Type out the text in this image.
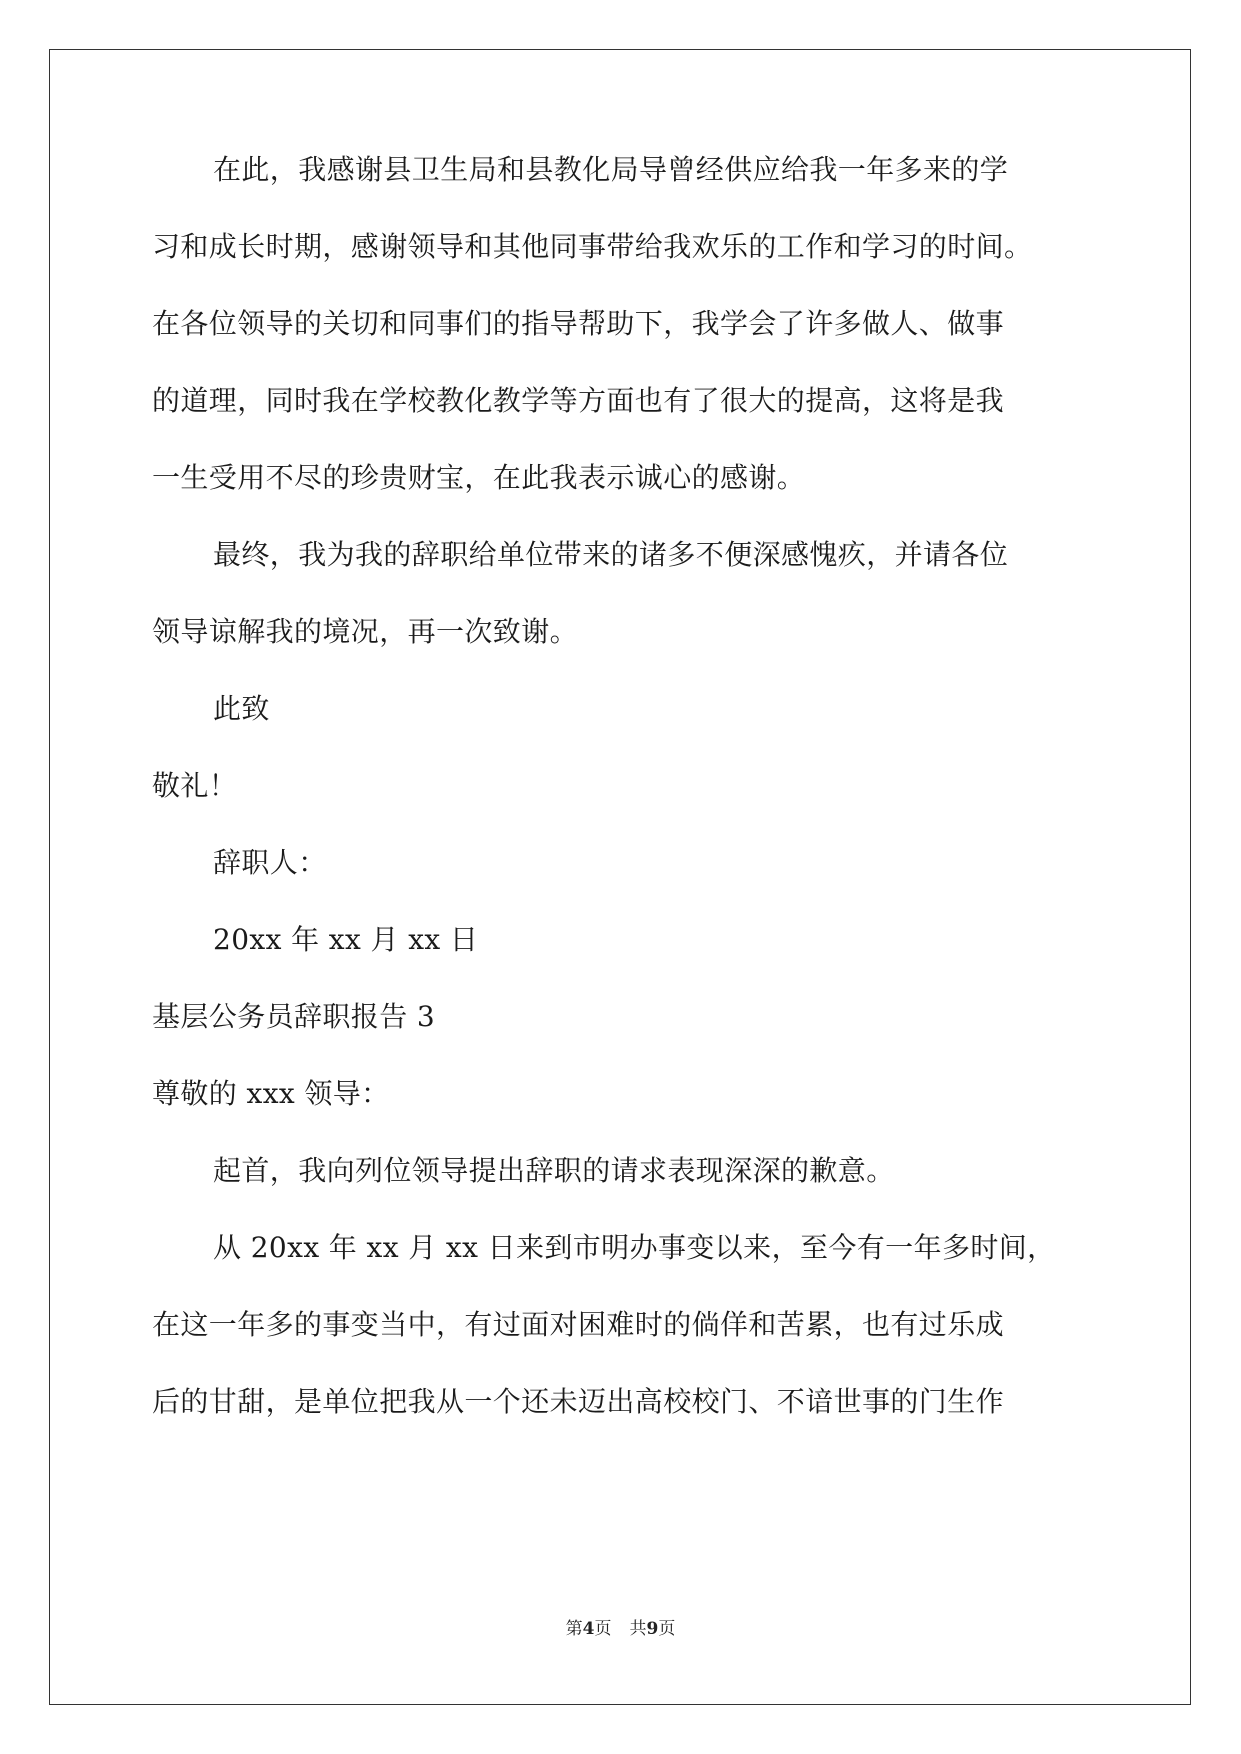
在此，我感谢县卫生局和县教化局导曾经供应给我一年多来的学
习和成长时期，感谢领导和其他同事带给我欢乐的工作和学习的时间。
在各位领导的关切和同事们的指导帮助下，我学会了许多做人、做事
的道理，同时我在学校教化教学等方面也有了很大的提高，这将是我
一生受用不尽的珍贵财宝，在此我表示诚心的感谢。
最终，我为我的辞职给单位带来的诸多不便深感愧疚，并请各位
领导谅解我的境况，再一次致谢。
此致
敬礼！
辞职人：
20xx 年 xx 月 xx 日
基层公务员辞职报告 3
尊敬的 xxx 领导：
起首，我向列位领导提出辞职的请求表现深深的歉意。
从 20xx 年 xx 月 xx 日来到市明办事变以来，至今有一年多时间，
在这一年多的事变当中，有过面对困难时的倘佯和苦累，也有过乐成
后的甘甜，是单位把我从一个还未迈出高校校门、不谙世事的门生作
第4页 共9页
